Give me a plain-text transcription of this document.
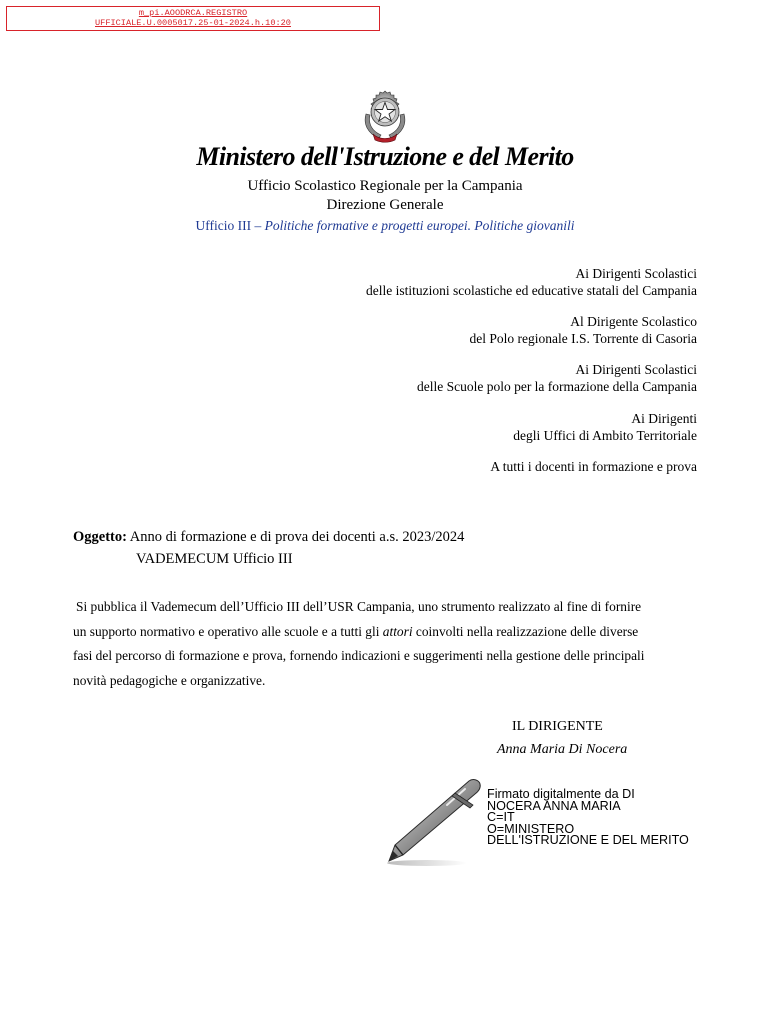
m_pi.AOODRCA.REGISTRO
UFFICIALE.U.0005017.25-01-2024.h.10:20
Ministero dell'Istruzione e del Merito
Ufficio Scolastico Regionale per la Campania
Direzione Generale
Ufficio III – Politiche formative e progetti europei. Politiche giovanili
Ai Dirigenti Scolastici
delle istituzioni scolastiche ed educative statali del Campania
Al Dirigente Scolastico
del Polo regionale I.S. Torrente di Casoria
Ai Dirigenti Scolastici
delle Scuole polo per la formazione della Campania
Ai Dirigenti
degli Uffici di Ambito Territoriale
A tutti i docenti in formazione e prova
Oggetto: Anno di formazione e di prova dei docenti a.s. 2023/2024
VADEMECUM Ufficio III
Si pubblica il Vademecum dell’Ufficio III dell’USR Campania, uno strumento realizzato al fine di fornire
un supporto normativo e operativo alle scuole e a tutti gli attori coinvolti nella realizzazione delle diverse
fasi del percorso di formazione e prova, fornendo indicazioni e suggerimenti nella gestione delle principali
novità pedagogiche e organizzative.
IL DIRIGENTE
Anna Maria Di Nocera
Firmato digitalmente da DI
NOCERA ANNA MARIA
C=IT
O=MINISTERO
DELL'ISTRUZIONE E DEL MERITO
